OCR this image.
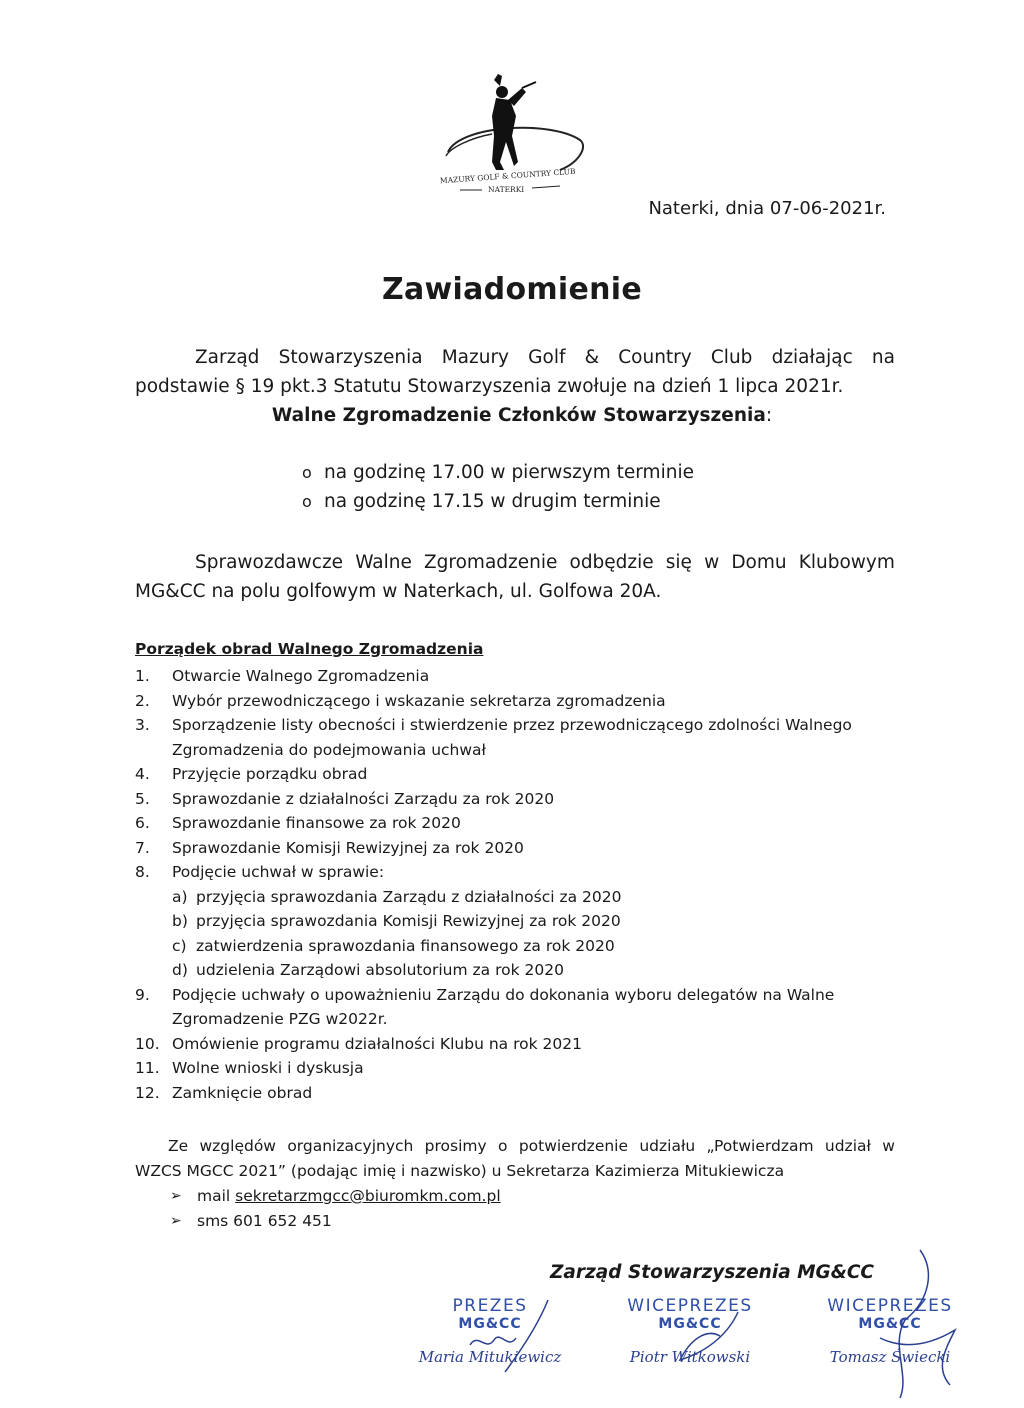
MAZURY GOLF & COUNTRY CLUB
NATERKI
Naterki, dnia 07-06-2021r.
Zawiadomienie
Zarząd Stowarzyszenia Mazury Golf & Country Club działając na
podstawie § 19 pkt.3 Statutu Stowarzyszenia zwołuje na dzień 1 lipca 2021r.
Walne Zgromadzenie Członków Stowarzyszenia:
o na godzinę 17.00 w pierwszym terminie
o na godzinę 17.15 w drugim terminie
Sprawozdawcze Walne Zgromadzenie odbędzie się w Domu Klubowym
MG&CC na polu golfowym w Naterkach, ul. Golfowa 20A.
Porządek obrad Walnego Zgromadzenia
1.	Otwarcie Walnego Zgromadzenia
2.	Wybór przewodniczącego i wskazanie sekretarza zgromadzenia
3.	Sporządzenie listy obecności i stwierdzenie przez przewodniczącego zdolności Walnego
Zgromadzenia do podejmowania uchwał
4.	Przyjęcie porządku obrad
5.	Sprawozdanie z działalności Zarządu za rok 2020
6.	Sprawozdanie finansowe za rok 2020
7.	Sprawozdanie Komisji Rewizyjnej za rok 2020
8.	Podjęcie uchwał w sprawie:
a) przyjęcia sprawozdania Zarządu z działalności za 2020
b) przyjęcia sprawozdania Komisji Rewizyjnej za rok 2020
c) zatwierdzenia sprawozdania finansowego za rok 2020
d) udzielenia Zarządowi absolutorium za rok 2020
9.	Podjęcie uchwały o upoważnieniu Zarządu do dokonania wyboru delegatów na Walne
Zgromadzenie PZG w2022r.
10. Omówienie programu działalności Klubu na rok 2021
11. Wolne wnioski i dyskusja
12. Zamknięcie obrad
Ze względów organizacyjnych prosimy o potwierdzenie udziału „Potwierdzam udział w
WZCS MGCC 2021” (podając imię i nazwisko) u Sekretarza Kazimierza Mitukiewicza
➢ mail sekretarzmgcc@biuromkm.com.pl
➢ sms 601 652 451
Zarząd Stowarzyszenia MG&CC
PREZES
MG&CC
Maria Mitukiewicz
WICEPREZES
MG&CC
Piotr Witkowski
WICEPREZES
MG&CC
Tomasz Świecki
